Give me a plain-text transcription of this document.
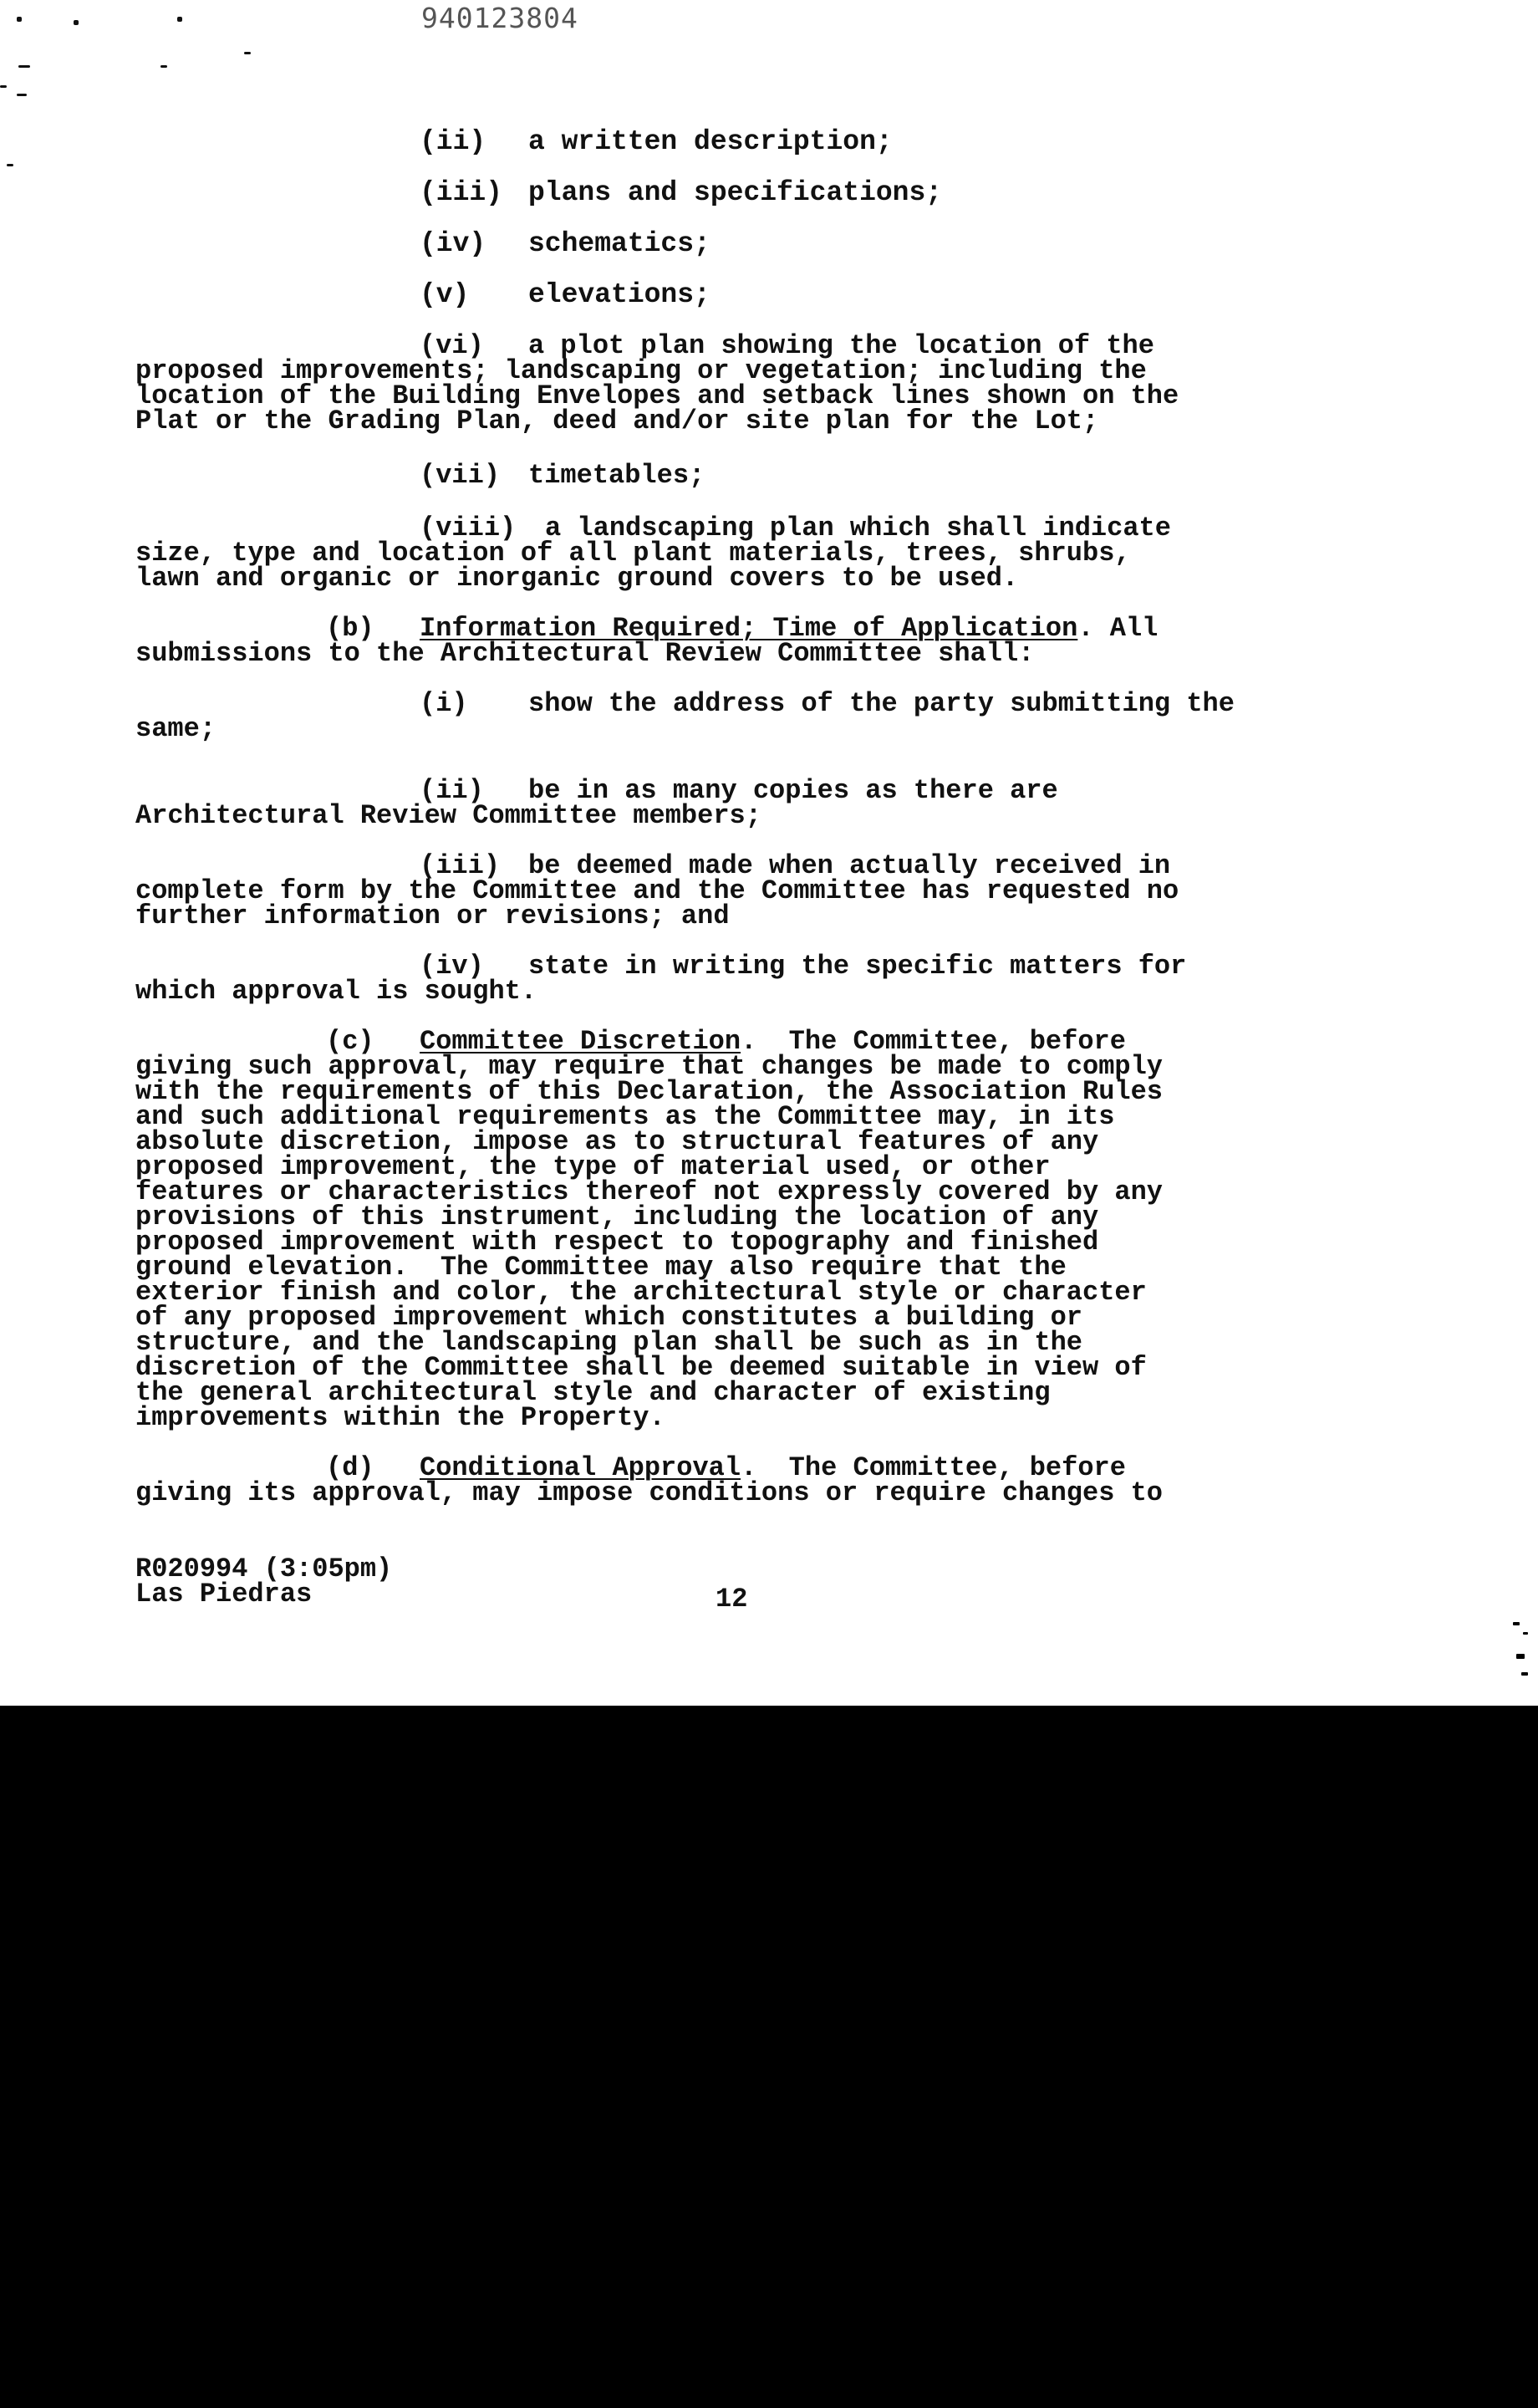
940123804

(ii) a written description;

(iii) plans and specifications;

(iv) schematics;

(v) elevations;

(vi) a plot plan showing the location of the

proposed improvements; landscaping or vegetation; including the

location of the Building Envelopes and setback lines shown on the

Plat or the Grading Plan, deed and/or site plan for the Lot;

(vii) timetables;

(viii) a landscaping plan which shall indicate

size, type and location of all plant materials, trees, shrubs,

lawn and organic or inorganic ground covers to be used.

(b) Information Required; Time of Application. All

submissions to the Architectural Review Committee shall:

(i) show the address of the party submitting the

same;

(ii) be in as many copies as there are

Architectural Review Committee members;

(iii) be deemed made when actually received in

complete form by the Committee and the Committee has requested no

further information or revisions; and

(iv) state in writing the specific matters for

which approval is sought.

(c) Committee Discretion.  The Committee, before

giving such approval, may require that changes be made to comply

with the requirements of this Declaration, the Association Rules

and such additional requirements as the Committee may, in its

absolute discretion, impose as to structural features of any

proposed improvement, the type of material used, or other

features or characteristics thereof not expressly covered by any

provisions of this instrument, including the location of any

proposed improvement with respect to topography and finished

ground elevation.  The Committee may also require that the

exterior finish and color, the architectural style or character

of any proposed improvement which constitutes a building or

structure, and the landscaping plan shall be such as in the

discretion of the Committee shall be deemed suitable in view of

the general architectural style and character of existing

improvements within the Property.

(d) Conditional Approval.  The Committee, before

giving its approval, may impose conditions or require changes to

R020994 (3:05pm)

Las Piedras	12
